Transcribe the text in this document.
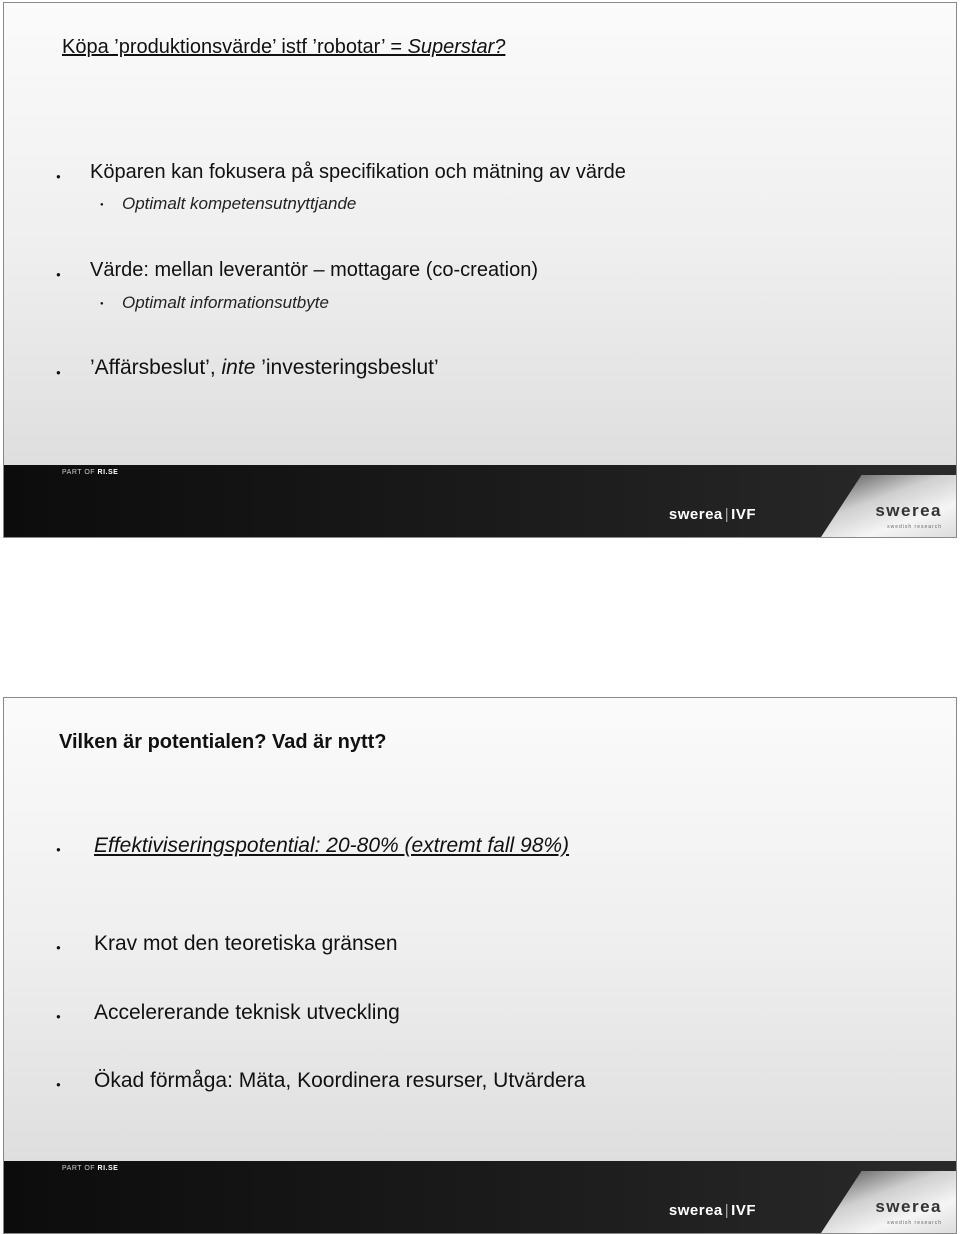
Köpa ’produktionsvärde’ istf ’robotar’ = Superstar?
● Köparen kan fokusera på specifikation och mätning av värde
● Optimalt kompetensutnyttjande
● Värde: mellan leverantör – mottagare (co-creation)
● Optimalt informationsutbyte
● ’Affärsbeslut’, inte ’investeringsbeslut’
PART OF RI.SE
swerea | IVF	swerea
swedish research
Vilken är potentialen? Vad är nytt?
● Effektiviseringspotential: 20-80% (extremt fall 98%)
● Krav mot den teoretiska gränsen
● Accelererande teknisk utveckling
● Ökad förmåga: Mäta, Koordinera resurser, Utvärdera
PART OF RI.SE
swerea | IVF	swerea
swedish research
